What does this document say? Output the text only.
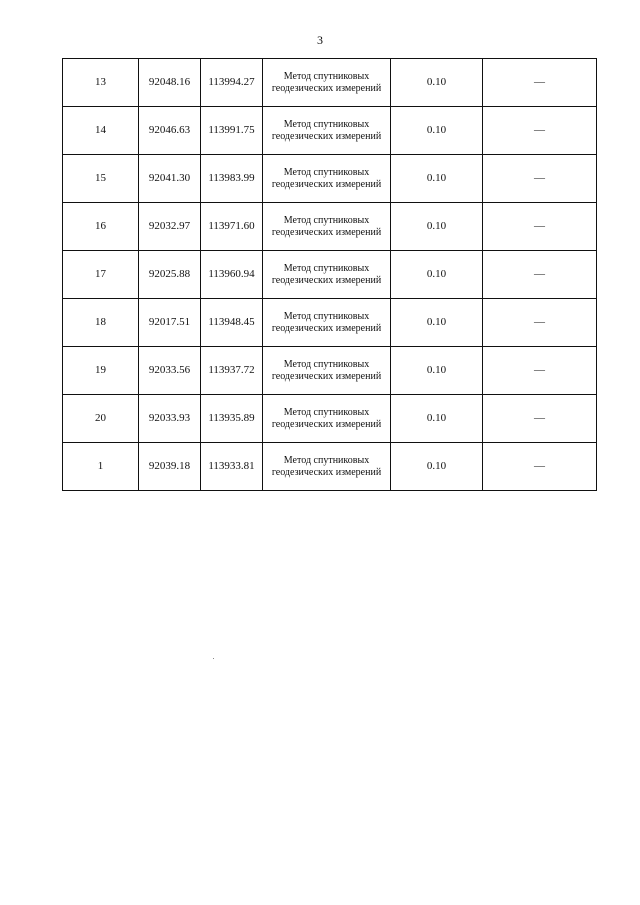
3
13	92048.16	113994.27	Метод спутниковых
геодезических измерений	0.10	—
14	92046.63	113991.75	Метод спутниковых
геодезических измерений	0.10	—
15	92041.30	113983.99	Метод спутниковых
геодезических измерений	0.10	—
16	92032.97	113971.60	Метод спутниковых
геодезических измерений	0.10	—
17	92025.88	113960.94	Метод спутниковых
геодезических измерений	0.10	—
18	92017.51	113948.45	Метод спутниковых
геодезических измерений	0.10	—
19	92033.56	113937.72	Метод спутниковых
геодезических измерений	0.10	—
20	92033.93	113935.89	Метод спутниковых
геодезических измерений	0.10	—
1	92039.18	113933.81	Метод спутниковых
геодезических измерений	0.10	—
